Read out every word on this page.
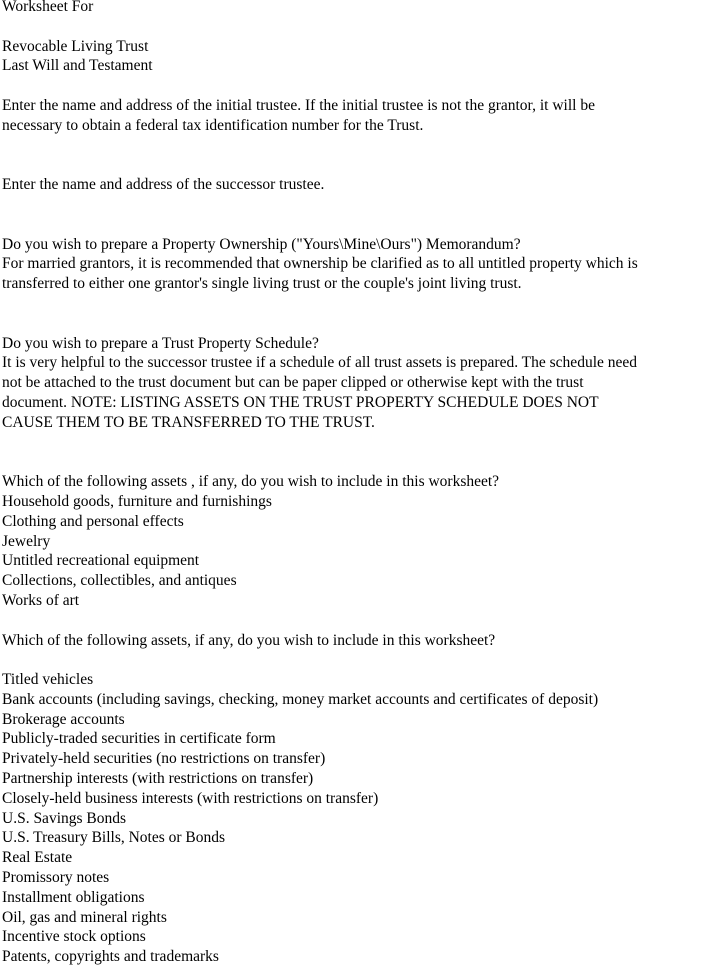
Worksheet For
Revocable Living Trust
Last Will and Testament
Enter the name and address of the initial trustee. If the initial trustee is not the grantor, it will be
necessary to obtain a federal tax identification number for the Trust.
Enter the name and address of the successor trustee.
Do you wish to prepare a Property Ownership ("Yours\Mine\Ours") Memorandum?
For married grantors, it is recommended that ownership be clarified as to all untitled property which is
transferred to either one grantor's single living trust or the couple's joint living trust.
Do you wish to prepare a Trust Property Schedule?
It is very helpful to the successor trustee if a schedule of all trust assets is prepared. The schedule need
not be attached to the trust document but can be paper clipped or otherwise kept with the trust
document. NOTE: LISTING ASSETS ON THE TRUST PROPERTY SCHEDULE DOES NOT
CAUSE THEM TO BE TRANSFERRED TO THE TRUST.
Which of the following assets , if any, do you wish to include in this worksheet?
Household goods, furniture and furnishings
Clothing and personal effects
Jewelry
Untitled recreational equipment
Collections, collectibles, and antiques
Works of art
Which of the following assets, if any, do you wish to include in this worksheet?
Titled vehicles
Bank accounts (including savings, checking, money market accounts and certificates of deposit)
Brokerage accounts
Publicly-traded securities in certificate form
Privately-held securities (no restrictions on transfer)
Partnership interests (with restrictions on transfer)
Closely-held business interests (with restrictions on transfer)
U.S. Savings Bonds
U.S. Treasury Bills, Notes or Bonds
Real Estate
Promissory notes
Installment obligations
Oil, gas and mineral rights
Incentive stock options
Patents, copyrights and trademarks
